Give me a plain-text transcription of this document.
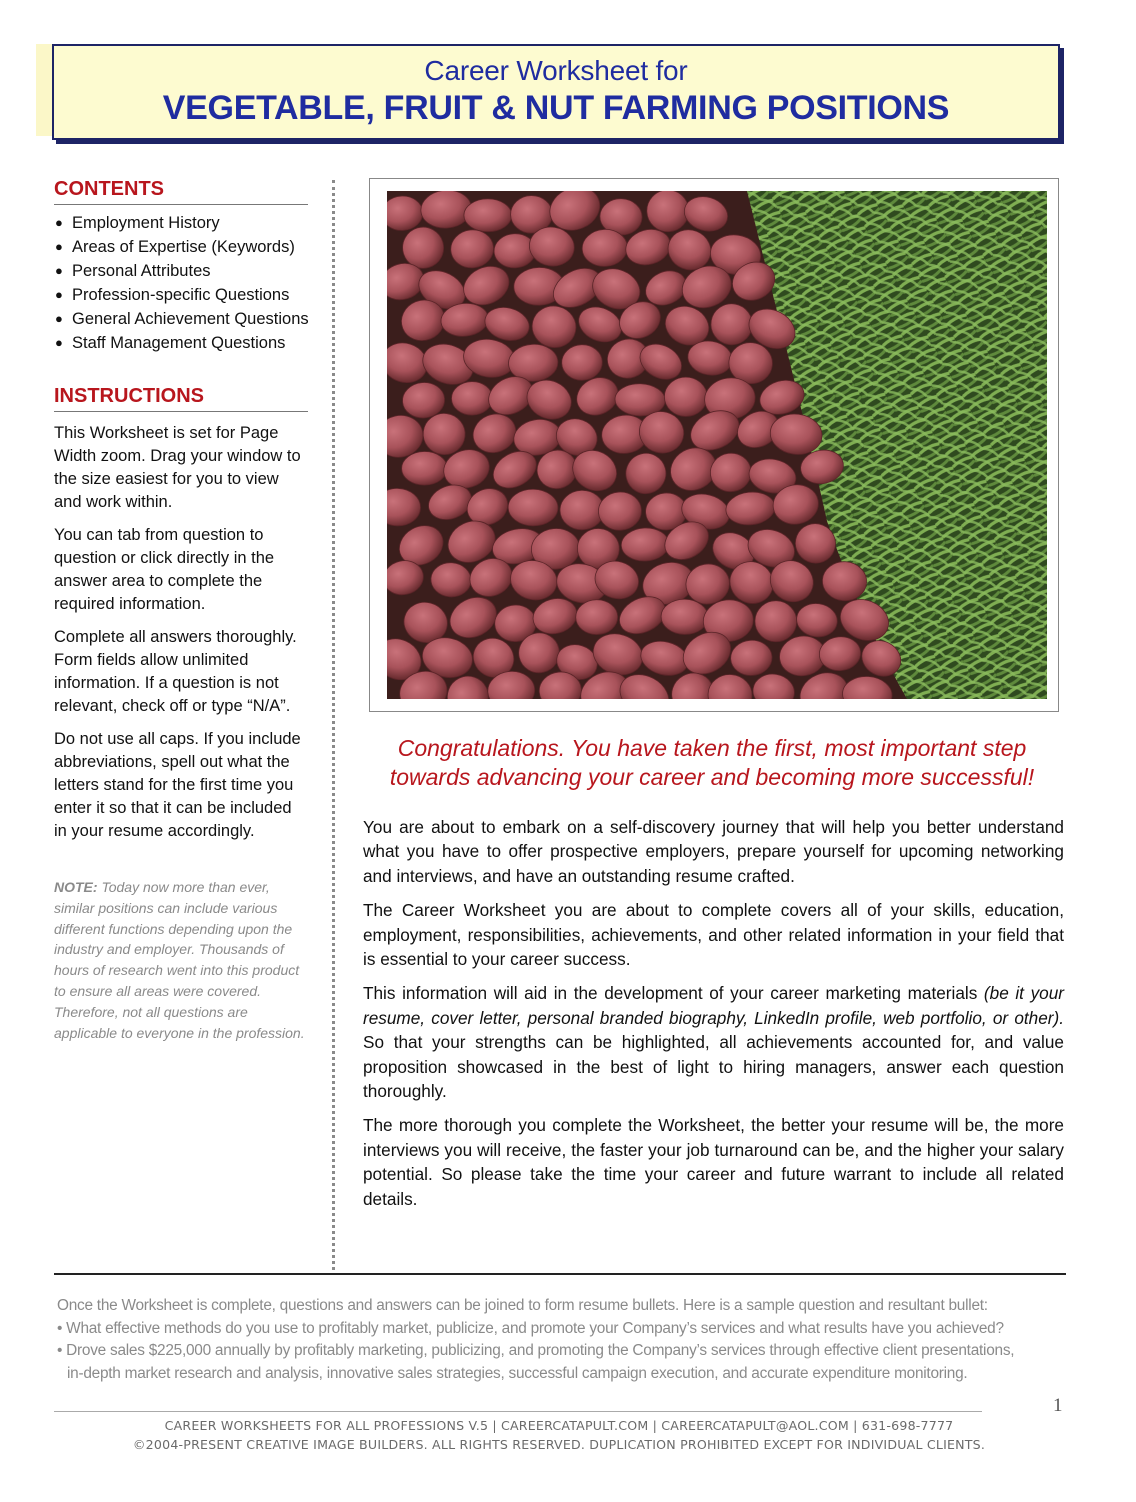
Career Worksheet for
VEGETABLE, FRUIT & NUT FARMING POSITIONS
CONTENTS
● Employment History
● Areas of Expertise (Keywords)
● Personal Attributes
● Profession-specific Questions
● General Achievement Questions
● Staff Management Questions
INSTRUCTIONS

This Worksheet is set for Page Width zoom. Drag your window to the size easiest for you to view and work within.

You can tab from question to question or click directly in the answer area to complete the required information.

Complete all answers thoroughly. Form fields allow unlimited information. If a question is not relevant, check off or type “N/A”.

Do not use all caps. If you include abbreviations, spell out what the letters stand for the first time you enter it so that it can be included in your resume accordingly.

NOTE: Today now more than ever, similar positions can include various different functions depending upon the industry and employer. Thousands of hours of research went into this product to ensure all areas were covered. Therefore, not all questions are applicable to everyone in the profession.
Congratulations. You have taken the first, most important step
towards advancing your career and becoming more successful!

You are about to embark on a self-discovery journey that will help you better understand what you have to offer prospective employers, prepare yourself for upcoming networking and interviews, and have an outstanding resume crafted.

The Career Worksheet you are about to complete covers all of your skills, education, employment, responsibilities, achievements, and other related information in your field that is essential to your career success.

This information will aid in the development of your career marketing materials (be it your resume, cover letter, personal branded biography, LinkedIn profile, web portfolio, or other). So that your strengths can be highlighted, all achievements accounted for, and value proposition showcased in the best of light to hiring managers, answer each question thoroughly.

The more thorough you complete the Worksheet, the better your resume will be, the more interviews you will receive, the faster your job turnaround can be, and the higher your salary potential. So please take the time your career and future warrant to include all related details.

Once the Worksheet is complete, questions and answers can be joined to form resume bullets. Here is a sample question and resultant bullet:
• What effective methods do you use to profitably market, publicize, and promote your Company’s services and what results have you achieved?
• Drove sales $225,000 annually by profitably marketing, publicizing, and promoting the Company’s services through effective client presentations,
in-depth market research and analysis, innovative sales strategies, successful campaign execution, and accurate expenditure monitoring.
1
CAREER WORKSHEETS FOR ALL PROFESSIONS V.5 | CAREERCATAPULT.COM | CAREERCATAPULT@AOL.COM | 631-698-7777
©2004-PRESENT CREATIVE IMAGE BUILDERS. ALL RIGHTS RESERVED. DUPLICATION PROHIBITED EXCEPT FOR INDIVIDUAL CLIENTS.
